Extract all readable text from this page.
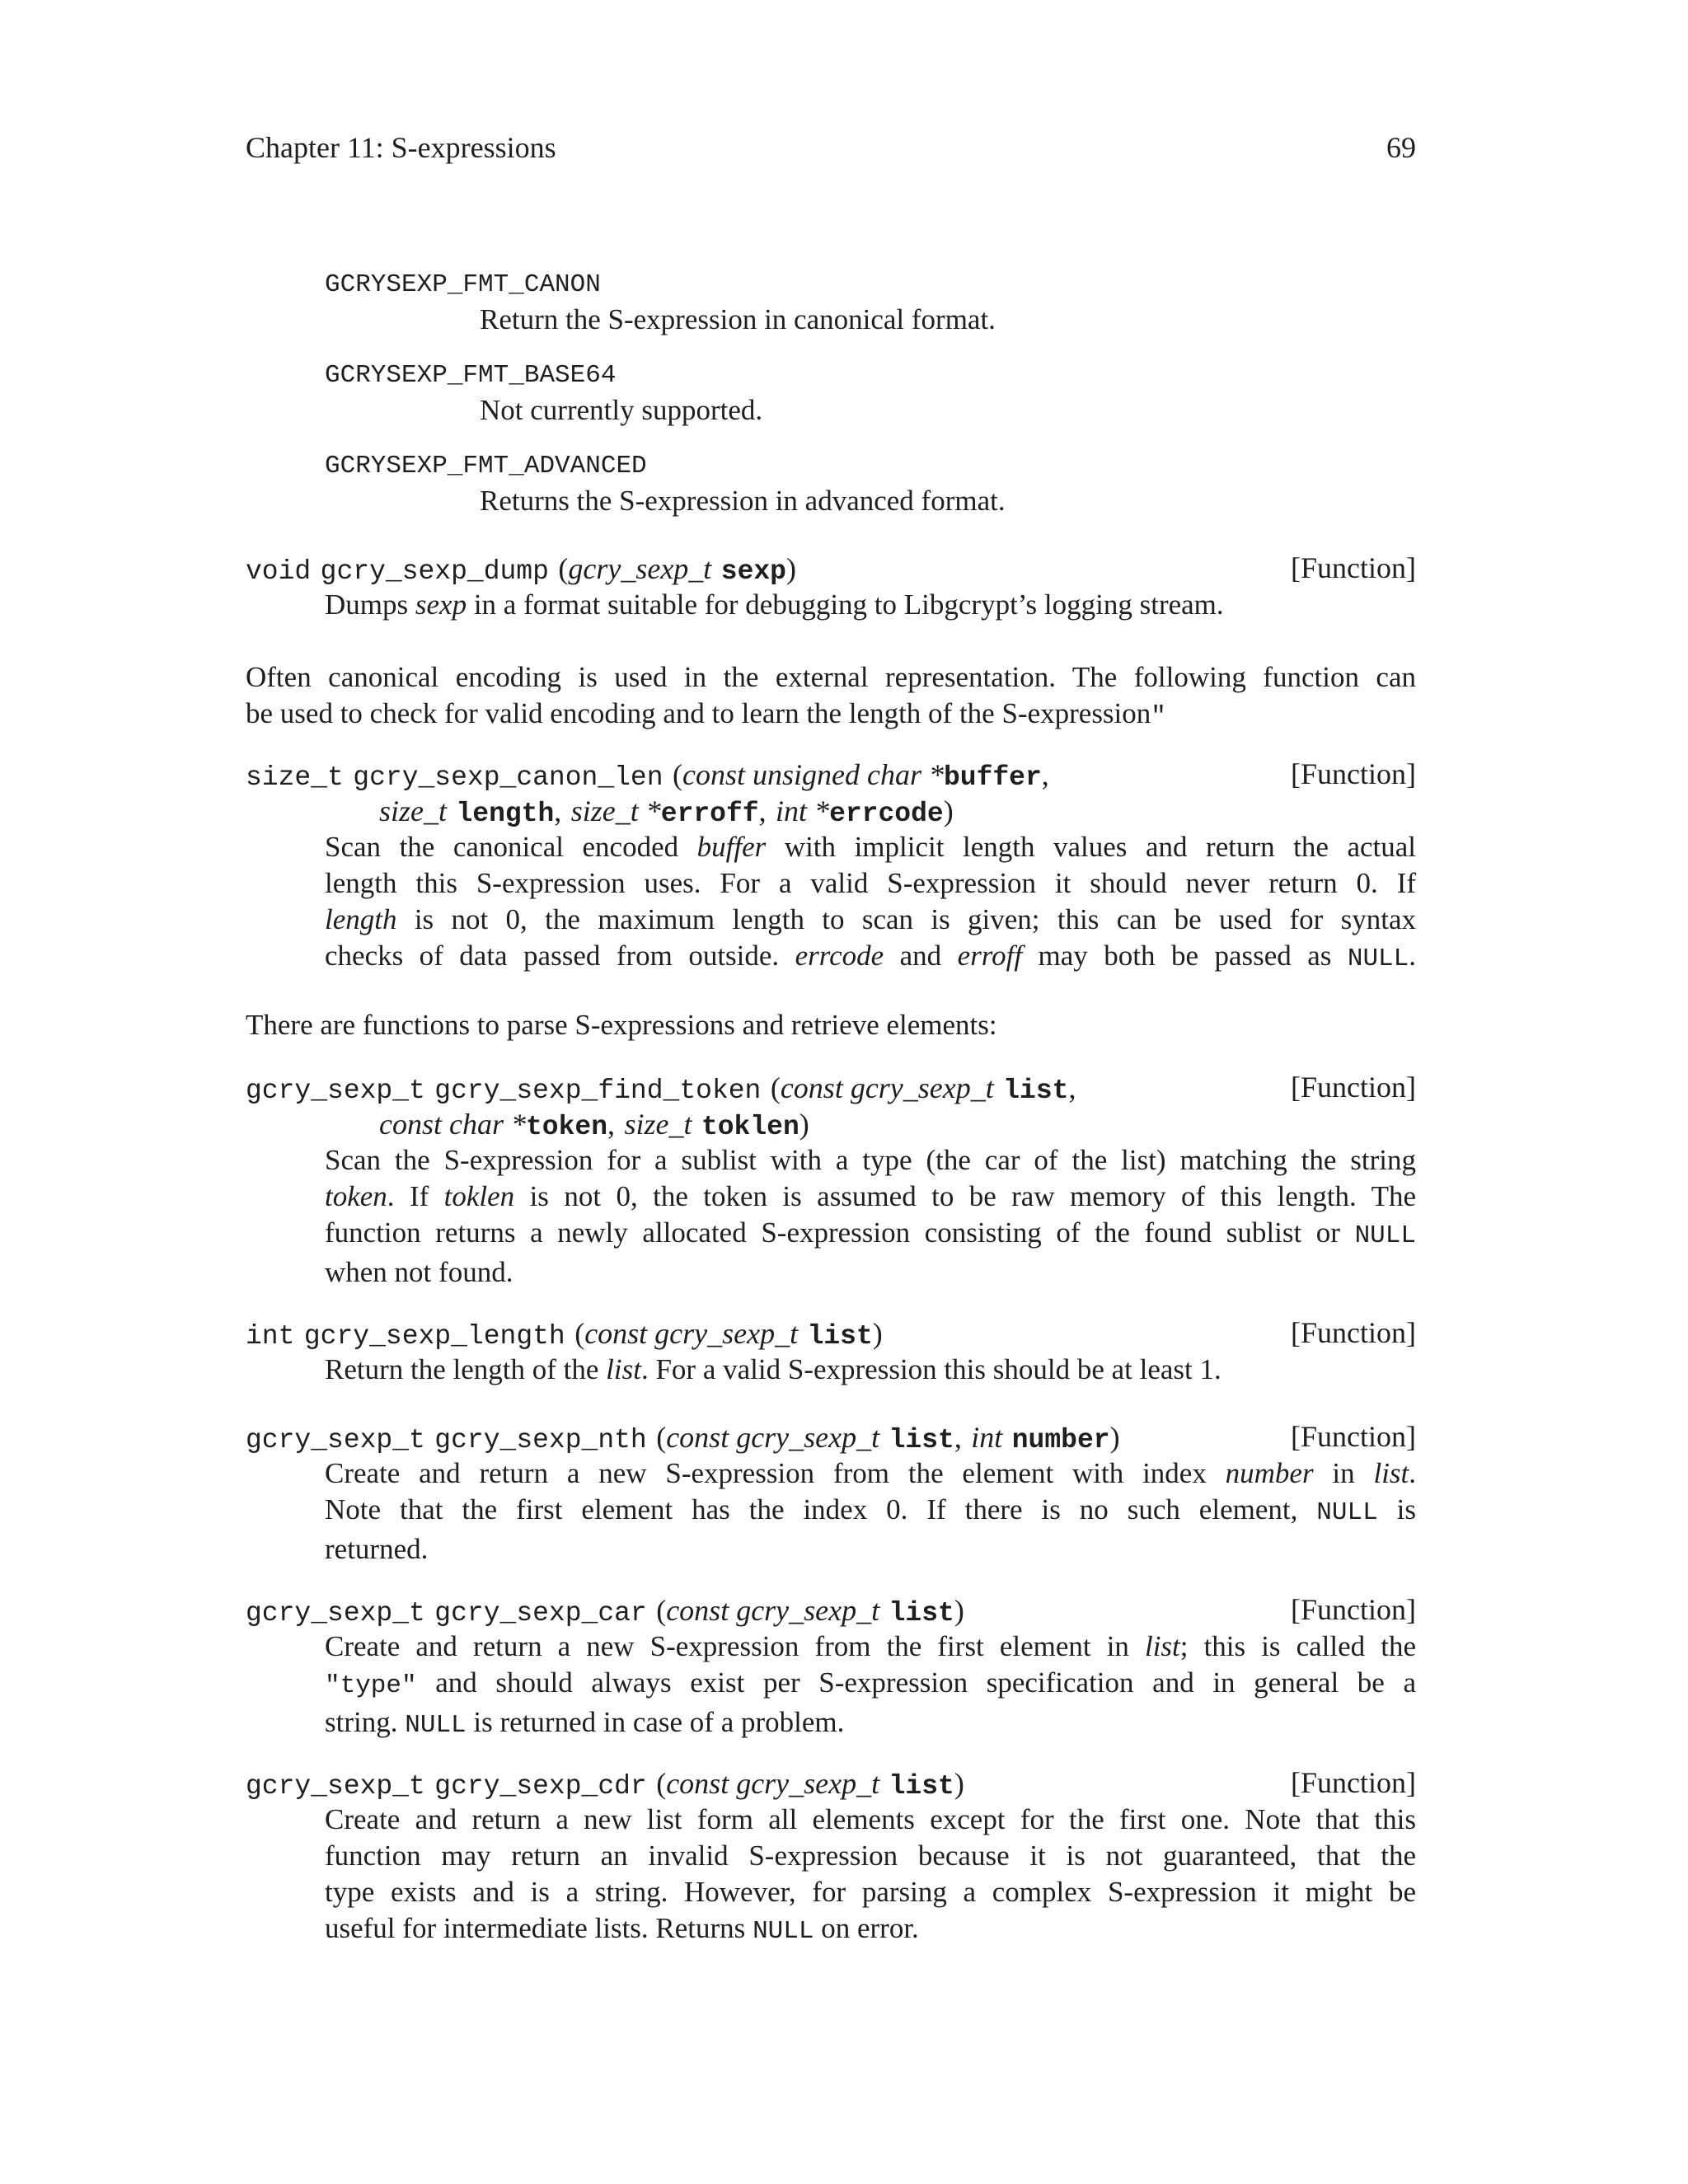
Chapter 11: S-expressions	69
GCRYSEXP_FMT_CANON
Return the S-expression in canonical format.
GCRYSEXP_FMT_BASE64
Not currently supported.
GCRYSEXP_FMT_ADVANCED
Returns the S-expression in advanced format.
void gcry_sexp_dump (gcry_sexp_t sexp)	[Function]
Dumps sexp in a format suitable for debugging to Libgcrypt’s logging stream.
Often canonical encoding is used in the external representation. The following function can
be used to check for valid encoding and to learn the length of the S-expression"
size_t gcry_sexp_canon_len (const unsigned char *buffer,	[Function]
size_t length, size_t *erroff, int *errcode)
Scan the canonical encoded buffer with implicit length values and return the actual
length this S-expression uses. For a valid S-expression it should never return 0. If
length is not 0, the maximum length to scan is given; this can be used for syntax
checks of data passed from outside. errcode and erroff may both be passed as NULL.
There are functions to parse S-expressions and retrieve elements:
gcry_sexp_t gcry_sexp_find_token (const gcry_sexp_t list,	[Function]
const char *token, size_t toklen)
Scan the S-expression for a sublist with a type (the car of the list) matching the string
token. If toklen is not 0, the token is assumed to be raw memory of this length. The
function returns a newly allocated S-expression consisting of the found sublist or NULL
when not found.
int gcry_sexp_length (const gcry_sexp_t list)	[Function]
Return the length of the list. For a valid S-expression this should be at least 1.
gcry_sexp_t gcry_sexp_nth (const gcry_sexp_t list, int number)	[Function]
Create and return a new S-expression from the element with index number in list.
Note that the first element has the index 0. If there is no such element, NULL is
returned.
gcry_sexp_t gcry_sexp_car (const gcry_sexp_t list)	[Function]
Create and return a new S-expression from the first element in list; this is called the
"type" and should always exist per S-expression specification and in general be a
string. NULL is returned in case of a problem.
gcry_sexp_t gcry_sexp_cdr (const gcry_sexp_t list)	[Function]
Create and return a new list form all elements except for the first one. Note that this
function may return an invalid S-expression because it is not guaranteed, that the
type exists and is a string. However, for parsing a complex S-expression it might be
useful for intermediate lists. Returns NULL on error.
